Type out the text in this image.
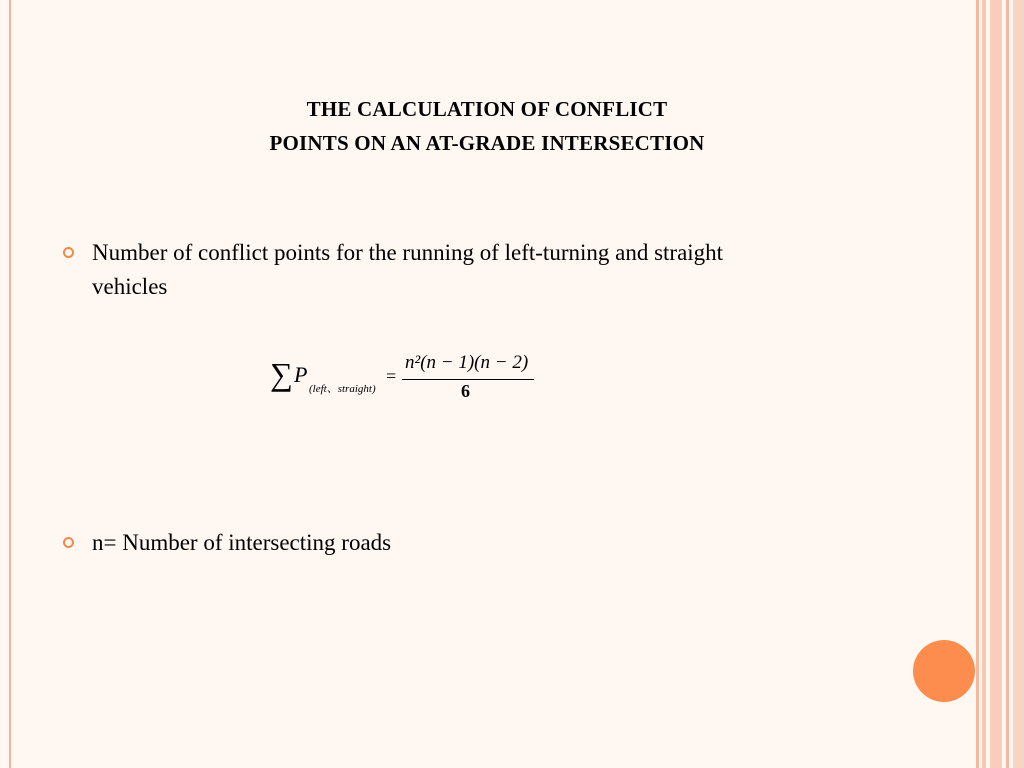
THE CALCULATION OF CONFLICT
POINTS ON AN AT-GRADE INTERSECTION
Number of conflict points for the running of left-turning and straight
vehicles
∑ P
(left、straight)
=
n²(n − 1)(n − 2)
6
n= Number of intersecting roads
